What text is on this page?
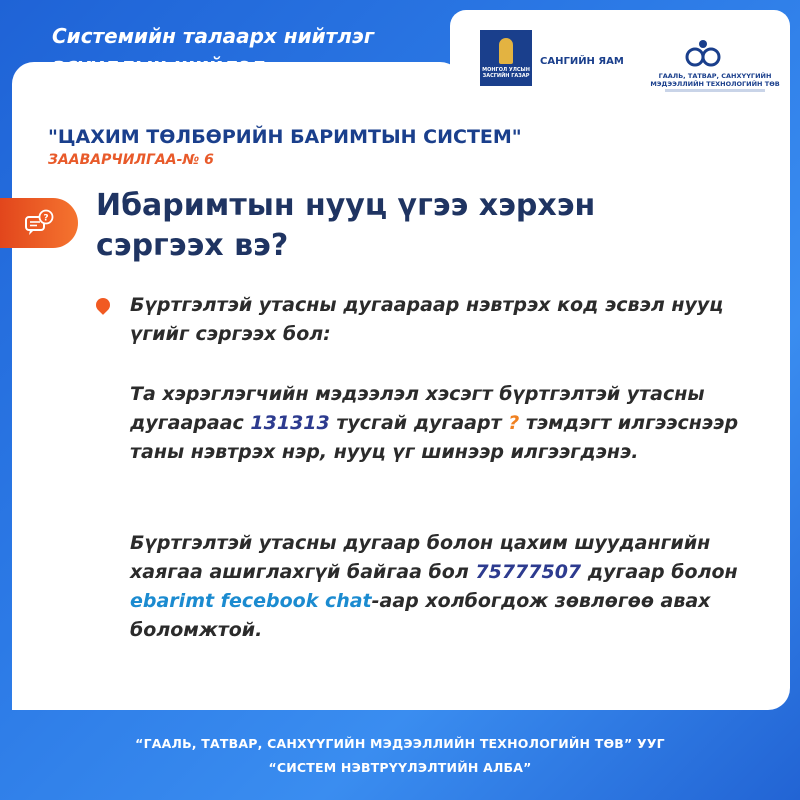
Системийн талаарх нийтлэг
МОНГОЛ УЛСЫН ЗАСГИЙН ГАЗАР
САНГИЙН ЯАМ
ГААЛЬ, ТАТВАР, САНХҮҮГИЙН МЭДЭЭЛЛИЙН ТЕХНОЛОГИЙН ТӨВ
"ЦАХИМ ТӨЛБӨРИЙН БАРИМТЫН СИСТЕМ"
ЗААВАРЧИЛГАА-№ 6
? Ибаримтын нууц үгээ хэрхэн
сэргээх вэ?
Бүртгэлтэй утасны дугаараар нэвтрэх код эсвэл нууц үгийг сэргээх бол:
Та хэрэглэгчийн мэдээлэл хэсэгт бүртгэлтэй утасны дугаараас 131313 тусгай дугаарт ? тэмдэгт илгээснээр таны нэвтрэх нэр, нууц үг шинээр илгээгдэнэ.
Бүртгэлтэй утасны дугаар болон цахим шуудангийн хаягаа ашиглахгүй байгаа бол 75777507 дугаар болон ebarimt fecebook chat-аар холбогдож зөвлөгөө авах боломжтой.
“ГААЛЬ, ТАТВАР, САНХҮҮГИЙН МЭДЭЭЛЛИЙН ТЕХНОЛОГИЙН ТӨВ” УУГ
“СИСТЕМ НЭВТРҮҮЛЭЛТИЙН АЛБА”
